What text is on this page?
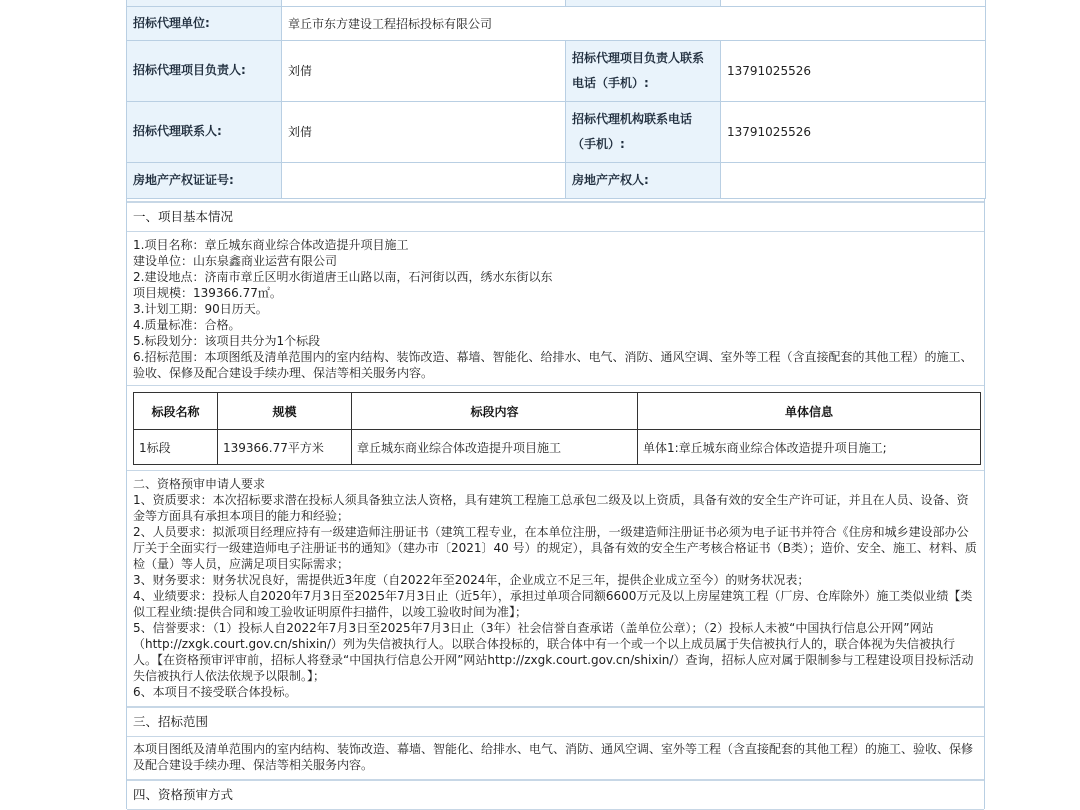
招标代理单位:	章丘市东方建设工程招标投标有限公司		
招标代理项目负责人:	刘倩	招标代理项目负责人联系电话（手机）:	13791025526
招标代理联系人:	刘倩	招标代理机构联系电话（手机）:	13791025526
房地产产权证证号:		房地产产权人:	
一、项目基本情况

1.项目名称：章丘城东商业综合体改造提升项目施工

建设单位：山东泉鑫商业运营有限公司

2.建设地点：济南市章丘区明水街道唐王山路以南，石河街以西，绣水东街以东

项目规模：139366.77㎡。

3.计划工期：90日历天。

4.质量标准：合格。

5.标段划分：该项目共分为1个标段

6.招标范围：本项图纸及清单范围内的室内结构、装饰改造、幕墙、智能化、给排水、电气、消防、通风空调、室外等工程（含直接配套的其他工程）的施工、验收、保修及配合建设手续办理、保洁等相关服务内容。

标段名称	规模	标段内容	单体信息
1标段	139366.77平方米	章丘城东商业综合体改造提升项目施工	单体1:章丘城东商业综合体改造提升项目施工;

二、资格预审申请人要求

1、资质要求：本次招标要求潜在投标人须具备独立法人资格，具有建筑工程施工总承包二级及以上资质，具备有效的安全生产许可证，并且在人员、设备、资金等方面具有承担本项目的能力和经验；

2、人员要求：拟派项目经理应持有一级建造师注册证书（建筑工程专业，在本单位注册，一级建造师注册证书必须为电子证书并符合《住房和城乡建设部办公厅关于全面实行一级建造师电子注册证书的通知》（建办市〔2021〕40 号）的规定），具备有效的安全生产考核合格证书（B类）；造价、安全、施工、材料、质检（量）等人员，应满足项目实际需求；

3、财务要求：财务状况良好，需提供近3年度（自2022年至2024年，企业成立不足三年，提供企业成立至今）的财务状况表；

4、业绩要求：投标人自2020年7月3日至2025年7月3日止（近5年），承担过单项合同额6600万元及以上房屋建筑工程（厂房、仓库除外）施工类似业绩【类似工程业绩:提供合同和竣工验收证明原件扫描件，以竣工验收时间为准】；

5、信誉要求：（1）投标人自2022年7月3日至2025年7月3日止（3年）社会信誉自查承诺（盖单位公章）；（2）投标人未被“中国执行信息公开网”网站（http://zxgk.court.gov.cn/shixin/）列为失信被执行人。以联合体投标的，联合体中有一个或一个以上成员属于失信被执行人的，联合体视为失信被执行人。【在资格预审评审前，招标人将登录“中国执行信息公开网”网站http://zxgk.court.gov.cn/shixin/）查询，招标人应对属于限制参与工程建设项目投标活动失信被执行人依法依规予以限制。】；

6、本项目不接受联合体投标。

三、招标范围
本项目图纸及清单范围内的室内结构、装饰改造、幕墙、智能化、给排水、电气、消防、通风空调、室外等工程（含直接配套的其他工程）的施工、验收、保修及配合建设手续办理、保洁等相关服务内容。
四、资格预审方式
